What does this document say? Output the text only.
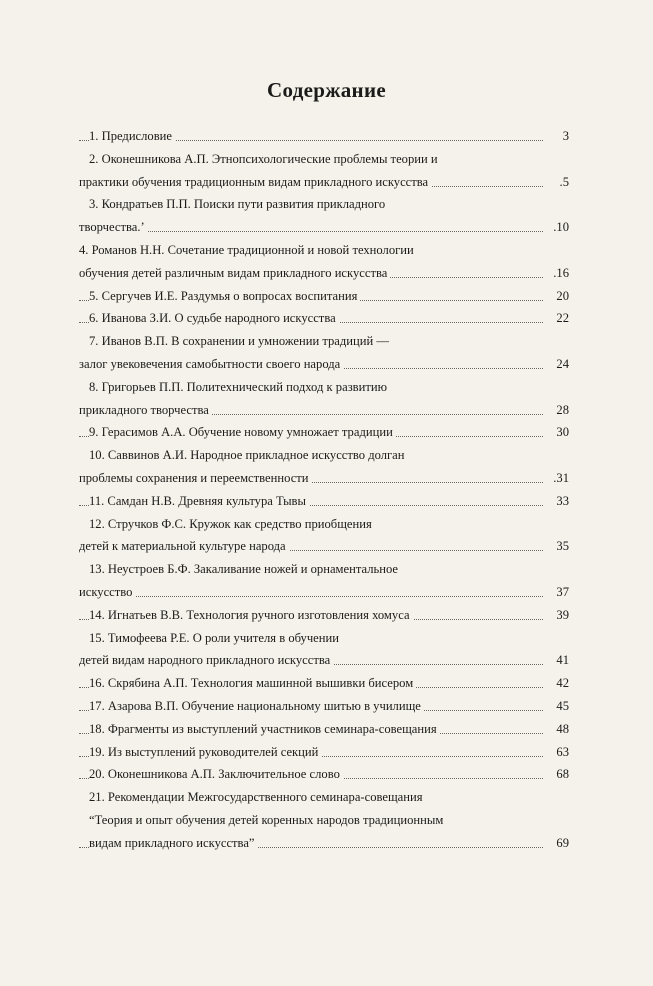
Содержание
1. Предисловие	3
2. Оконешникова А.П. Этнопсихологические проблемы теории и
практики обучения традиционным видам прикладного искусства	.5
3. Кондратьев П.П. Поиски пути развития прикладного
творчества.’	.10
4. Романов Н.Н. Сочетание традиционной и новой технологии
обучения детей различным видам прикладного искусства	.16
5. Сергучев И.Е. Раздумья о вопросах воспитания	20
6. Иванова З.И. О судьбе народного искусства	22
7. Иванов В.П. В сохранении и умножении традиций —
залог увековечения самобытности своего народа	24
8. Григорьев П.П. Политехнический подход к развитию
прикладного творчества	28
9. Герасимов А.А. Обучение новому умножает традиции	30
10. Саввинов А.И. Народное прикладное искусство долган
проблемы сохранения и переемственности	.31
11. Самдан Н.В. Древняя культура Тывы	33
12. Стручков Ф.С. Кружок как средство приобщения
детей к материальной культуре народа	35
13. Неустроев Б.Ф. Закаливание ножей и орнаментальное
искусство	37
14. Игнатьев В.В. Технология ручного изготовления хомуса	39
15. Тимофеева Р.Е. О роли учителя в обучении
детей видам народного прикладного искусства	41
16. Скрябина А.П. Технология машинной вышивки бисером	42
17. Азарова В.П. Обучение национальному шитью в училище	45
18. Фрагменты из выступлений участников семинара-совещания	48
19. Из выступлений руководителей секций	63
20. Оконешникова А.П. Заключительное слово	68
21. Рекомендации Межгосударственного семинара-совещания
“Теория и опыт обучения детей коренных народов традиционным
видам прикладного искусства”	69
